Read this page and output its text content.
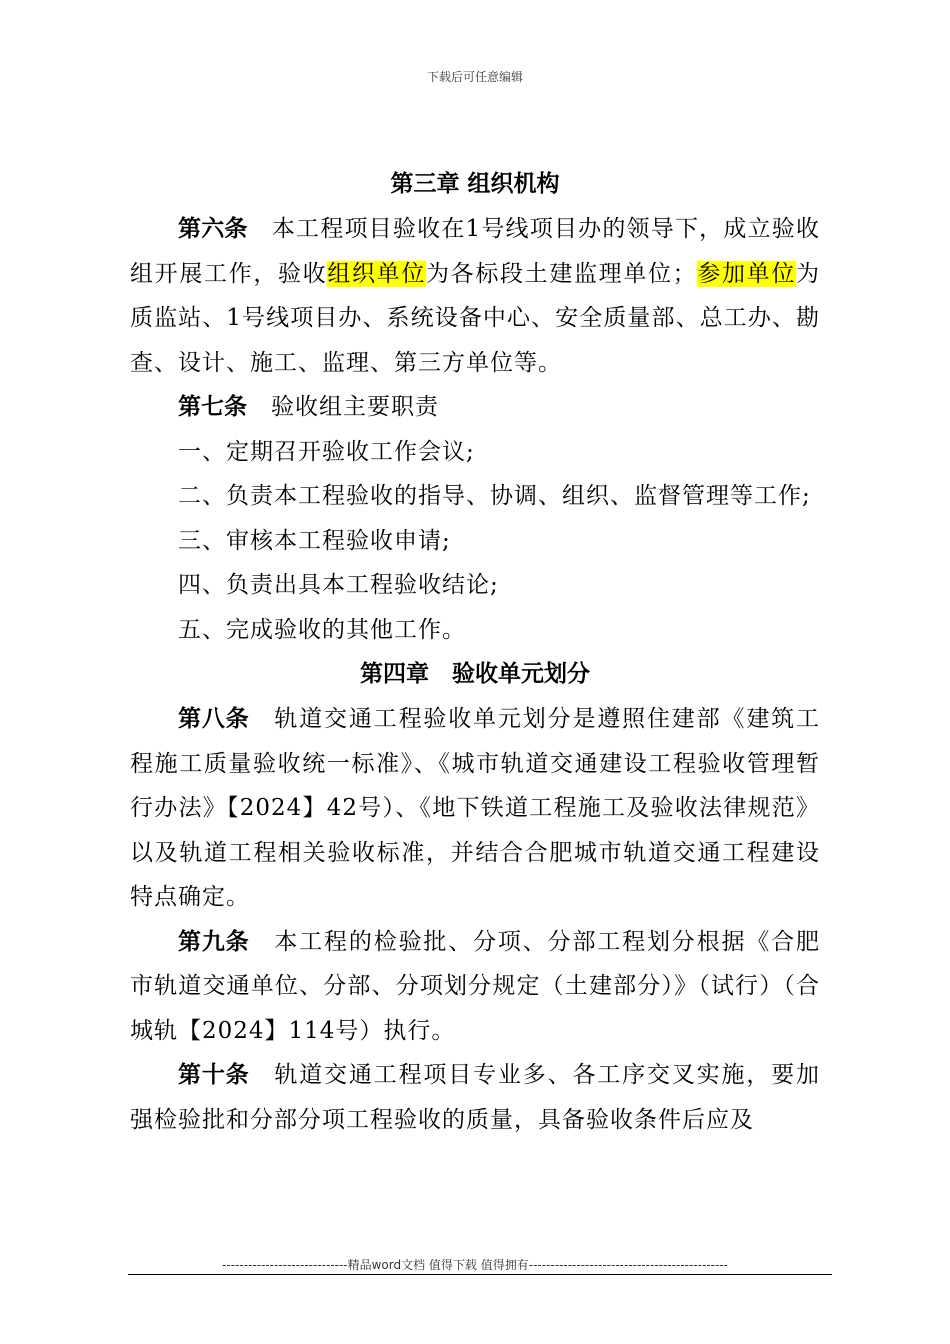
下载后可任意编辑
第三章 组织机构

第六条 本工程项目验收在1号线项目办的领导下，成立验收组开展工作，验收组织单位为各标段土建监理单位；参加单位为质监站、1号线项目办、系统设备中心、安全质量部、总工办、勘查、设计、施工、监理、第三方单位等。

第七条 验收组主要职责

一、定期召开验收工作会议;

二、负责本工程验收的指导、协调、组织、监督管理等工作;

三、审核本工程验收申请;

四、负责出具本工程验收结论;

五、完成验收的其他工作。

第四章　验收单元划分

第八条 轨道交通工程验收单元划分是遵照住建部《建筑工程施工质量验收统一标准》、《城市轨道交通建设工程验收管理暂行办法》【2024】42号）、《地下铁道工程施工及验收法律规范》以及轨道工程相关验收标准，并结合合肥城市轨道交通工程建设特点确定。

第九条 本工程的检验批、分项、分部工程划分根据《合肥市轨道交通单位、分部、分项划分规定（土建部分）》（试行）（合城轨【2024】114号）执行。

第十条 轨道交通工程项目专业多、各工序交叉实施，要加强检验批和分部分项工程验收的质量，具备验收条件后应及

-----------------------------精品word文档 值得下载 值得拥有----------------------------------------------
